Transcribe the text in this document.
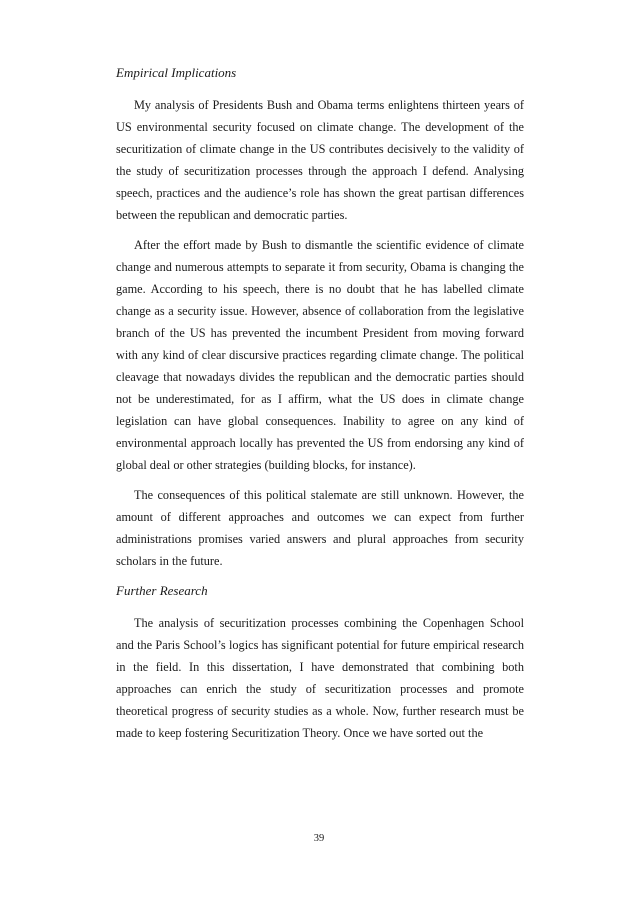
Empirical Implications

My analysis of Presidents Bush and Obama terms enlightens thirteen years of US environmental security focused on climate change. The development of the securitization of climate change in the US contributes decisively to the validity of the study of securitization processes through the approach I defend. Analysing speech, practices and the audience’s role has shown the great partisan differences between the republican and democratic parties.

After the effort made by Bush to dismantle the scientific evidence of climate change and numerous attempts to separate it from security, Obama is changing the game. According to his speech, there is no doubt that he has labelled climate change as a security issue. However, absence of collaboration from the legislative branch of the US has prevented the incumbent President from moving forward with any kind of clear discursive practices regarding climate change. The political cleavage that nowadays divides the republican and the democratic parties should not be underestimated, for as I affirm, what the US does in climate change legislation can have global consequences. Inability to agree on any kind of environmental approach locally has prevented the US from endorsing any kind of global deal or other strategies (building blocks, for instance).

The consequences of this political stalemate are still unknown. However, the amount of different approaches and outcomes we can expect from further administrations promises varied answers and plural approaches from security scholars in the future.

Further Research

The analysis of securitization processes combining the Copenhagen School and the Paris School’s logics has significant potential for future empirical research in the field. In this dissertation, I have demonstrated that combining both approaches can enrich the study of securitization processes and promote theoretical progress of security studies as a whole. Now, further research must be made to keep fostering Securitization Theory. Once we have sorted out the

39
